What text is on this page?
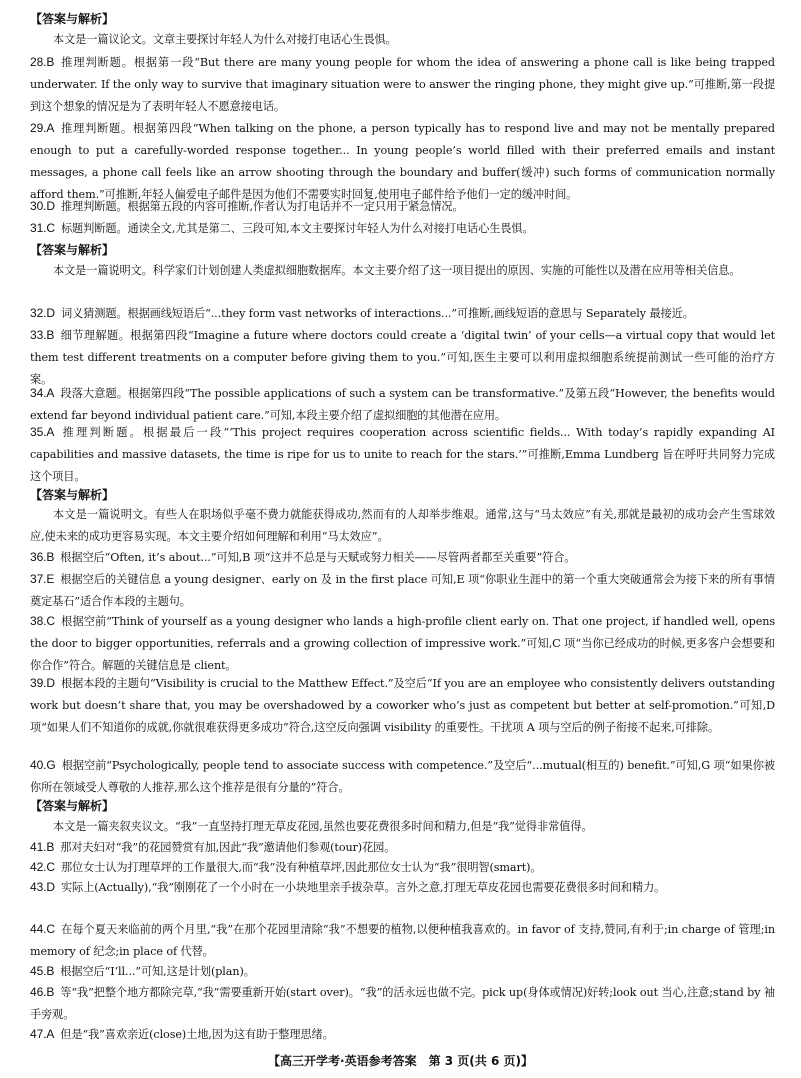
【答案与解析】
本文是一篇议论文。文章主要探讨年轻人为什么对接打电话心生畏惧。
28.B 推理判断题。根据第一段“But there are many young people for whom the idea of answering a phone call is like being trapped underwater. If the only way to survive that imaginary situation were to answer the ringing phone, they might give up.”可推断,第一段提到这个想象的情况是为了表明年轻人不愿意接电话。
29.A 推理判断题。根据第四段“When talking on the phone, a person typically has to respond live and may not be mentally prepared enough to put a carefully-worded response together... In young people’s world filled with their preferred emails and instant messages, a phone call feels like an arrow shooting through the boundary and buffer(缓冲) such forms of communication normally afford them.”可推断,年轻人偏爱电子邮件是因为他们不需要实时回复,使用电子邮件给予他们一定的缓冲时间。
30.D 推理判断题。根据第五段的内容可推断,作者认为打电话并不一定只用于紧急情况。
31.C 标题判断题。通读全文,尤其是第二、三段可知,本文主要探讨年轻人为什么对接打电话心生畏惧。
【答案与解析】
本文是一篇说明文。科学家们计划创建人类虚拟细胞数据库。本文主要介绍了这一项目提出的原因、实施的可能性以及潜在应用等相关信息。
32.D 词义猜测题。根据画线短语后“...they form vast networks of interactions...”可推断,画线短语的意思与 Separately 最接近。
33.B 细节理解题。根据第四段“Imagine a future where doctors could create a ‘digital twin’ of your cells—a virtual copy that would let them test different treatments on a computer before giving them to you.”可知,医生主要可以利用虚拟细胞系统提前测试一些可能的治疗方案。
34.A 段落大意题。根据第四段“The possible applications of such a system can be transformative.”及第五段“However, the benefits would extend far beyond individual patient care.”可知,本段主要介绍了虚拟细胞的其他潜在应用。
35.A 推理判断题。根据最后一段“‘This project requires cooperation across scientific fields... With today’s rapidly expanding AI capabilities and massive datasets, the time is ripe for us to unite to reach for the stars.’”可推断,Emma Lundberg 旨在呼吁共同努力完成这个项目。
【答案与解析】
本文是一篇说明文。有些人在职场似乎毫不费力就能获得成功,然而有的人却举步维艰。通常,这与“马太效应”有关,那就是最初的成功会产生雪球效应,使未来的成功更容易实现。本文主要介绍如何理解和利用“马太效应”。
36.B 根据空后“Often, it’s about...”可知,B 项“这并不总是与天赋或努力相关——尽管两者都至关重要”符合。
37.E 根据空后的关键信息 a young designer、early on 及 in the first place 可知,E 项“你职业生涯中的第一个重大突破通常会为接下来的所有事情奠定基石”适合作本段的主题句。
38.C 根据空前“Think of yourself as a young designer who lands a high-profile client early on. That one project, if handled well, opens the door to bigger opportunities, referrals and a growing collection of impressive work.”可知,C 项“当你已经成功的时候,更多客户会想要和你合作”符合。解题的关键信息是 client。
39.D 根据本段的主题句“Visibility is crucial to the Matthew Effect.”及空后“If you are an employee who consistently delivers outstanding work but doesn’t share that, you may be overshadowed by a coworker who’s just as competent but better at self-promotion.”可知,D 项“如果人们不知道你的成就,你就很难获得更多成功”符合,这空反向强调 visibility 的重要性。干扰项 A 项与空后的例子衔接不起来,可排除。
40.G 根据空前“Psychologically, people tend to associate success with competence.”及空后“...mutual(相互的) benefit.”可知,G 项“如果你被你所在领域受人尊敬的人推荐,那么这个推荐是很有分量的”符合。
【答案与解析】
本文是一篇夹叙夹议文。“我”一直坚持打理无草皮花园,虽然也要花费很多时间和精力,但是“我”觉得非常值得。
41.B 那对夫妇对“我”的花园赞赏有加,因此“我”邀请他们参观(tour)花园。
42.C 那位女士认为打理草坪的工作量很大,而“我”没有种植草坪,因此那位女士认为“我”很明智(smart)。
43.D 实际上(Actually),“我”刚刚花了一个小时在一小块地里亲手拔杂草。言外之意,打理无草皮花园也需要花费很多时间和精力。
44.C 在每个夏天来临前的两个月里,“我”在那个花园里清除“我”不想要的植物,以便种植我喜欢的。in favor of 支持,赞同,有利于;in charge of 管理;in memory of 纪念;in place of 代替。
45.B 根据空后“I’ll...”可知,这是计划(plan)。
46.B 等“我”把整个地方都除完草,“我”需要重新开始(start over)。“我”的活永远也做不完。pick up(身体或情况)好转;look out 当心,注意;stand by 袖手旁观。
47.A 但是“我”喜欢亲近(close)土地,因为这有助于整理思绪。
【高三开学考·英语参考答案　第 3 页(共 6 页)】
